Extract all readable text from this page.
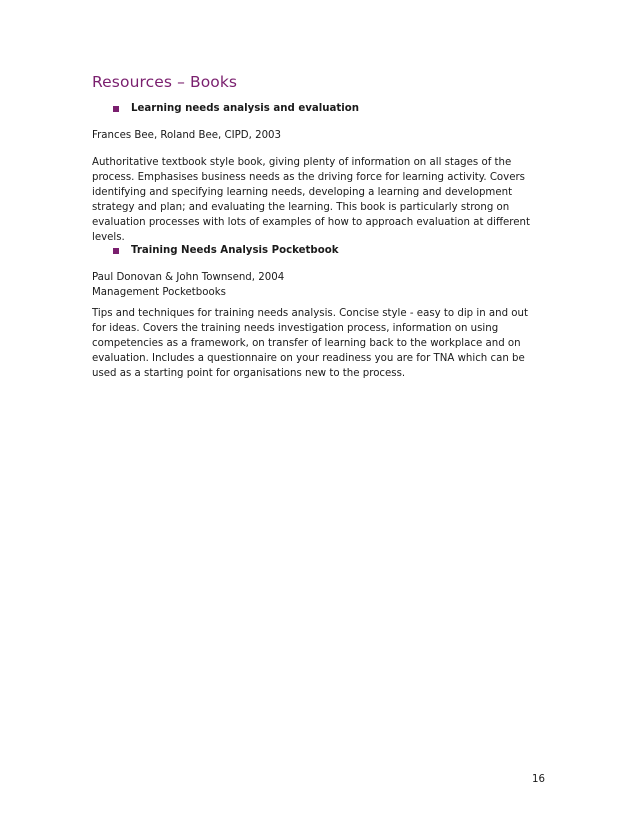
Resources – Books
Learning needs analysis and evaluation
Frances Bee, Roland Bee, CIPD, 2003
Authoritative textbook style book, giving plenty of information on all stages of the
process. Emphasises business needs as the driving force for learning activity. Covers
identifying and specifying learning needs, developing a learning and development
strategy and plan; and evaluating the learning. This book is particularly strong on
evaluation processes with lots of examples of how to approach evaluation at different
levels.
Training Needs Analysis Pocketbook
Paul Donovan & John Townsend, 2004
Management Pocketbooks
Tips and techniques for training needs analysis. Concise style - easy to dip in and out
for ideas. Covers the training needs investigation process, information on using
competencies as a framework, on transfer of learning back to the workplace and on
evaluation. Includes a questionnaire on your readiness you are for TNA which can be
used as a starting point for organisations new to the process.
16
